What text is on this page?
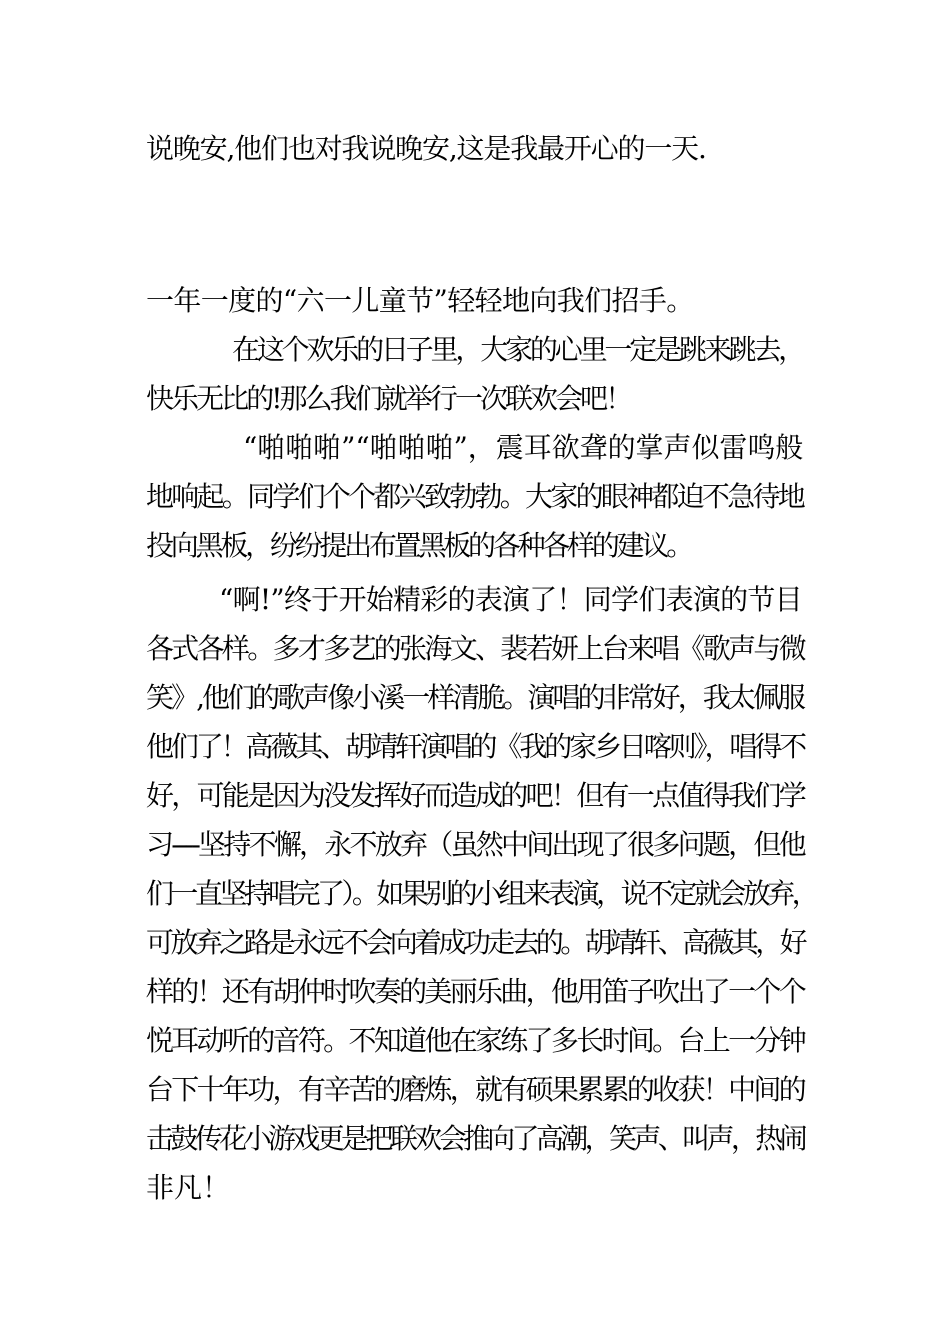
说晚安,他们也对我说晚安,这是我最开心的一天.
一年一度的“六一儿童节”轻轻地向我们招手。
在这个欢乐的日子里，大家的心里一定是跳来跳去，
快乐无比的!那么我们就举行一次联欢会吧！
“啪啪啪”“啪啪啪”，震耳欲聋的掌声似雷鸣般
地响起。同学们个个都兴致勃勃。大家的眼神都迫不急待地
投向黑板，纷纷提出布置黑板的各种各样的建议。
“啊!”终于开始精彩的表演了！同学们表演的节目
各式各样。多才多艺的张海文、裴若妍上台来唱《歌声与微
笑》,他们的歌声像小溪一样清脆。演唱的非常好，我太佩服
他们了！高薇其、胡靖轩演唱的《我的家乡日喀则》，唱得不
好，可能是因为没发挥好而造成的吧！但有一点值得我们学
习----坚持不懈，永不放弃（虽然中间出现了很多问题，但他
们一直坚持唱完了）。如果别的小组来表演，说不定就会放弃，
可放弃之路是永远不会向着成功走去的。胡靖轩、高薇其，好
样的！还有胡仲时吹奏的美丽乐曲，他用笛子吹出了一个个
悦耳动听的音符。不知道他在家练了多长时间。台上一分钟
台下十年功，有辛苦的磨炼，就有硕果累累的收获！中间的
击鼓传花小游戏更是把联欢会推向了高潮，笑声、叫声，热闹
非凡！
